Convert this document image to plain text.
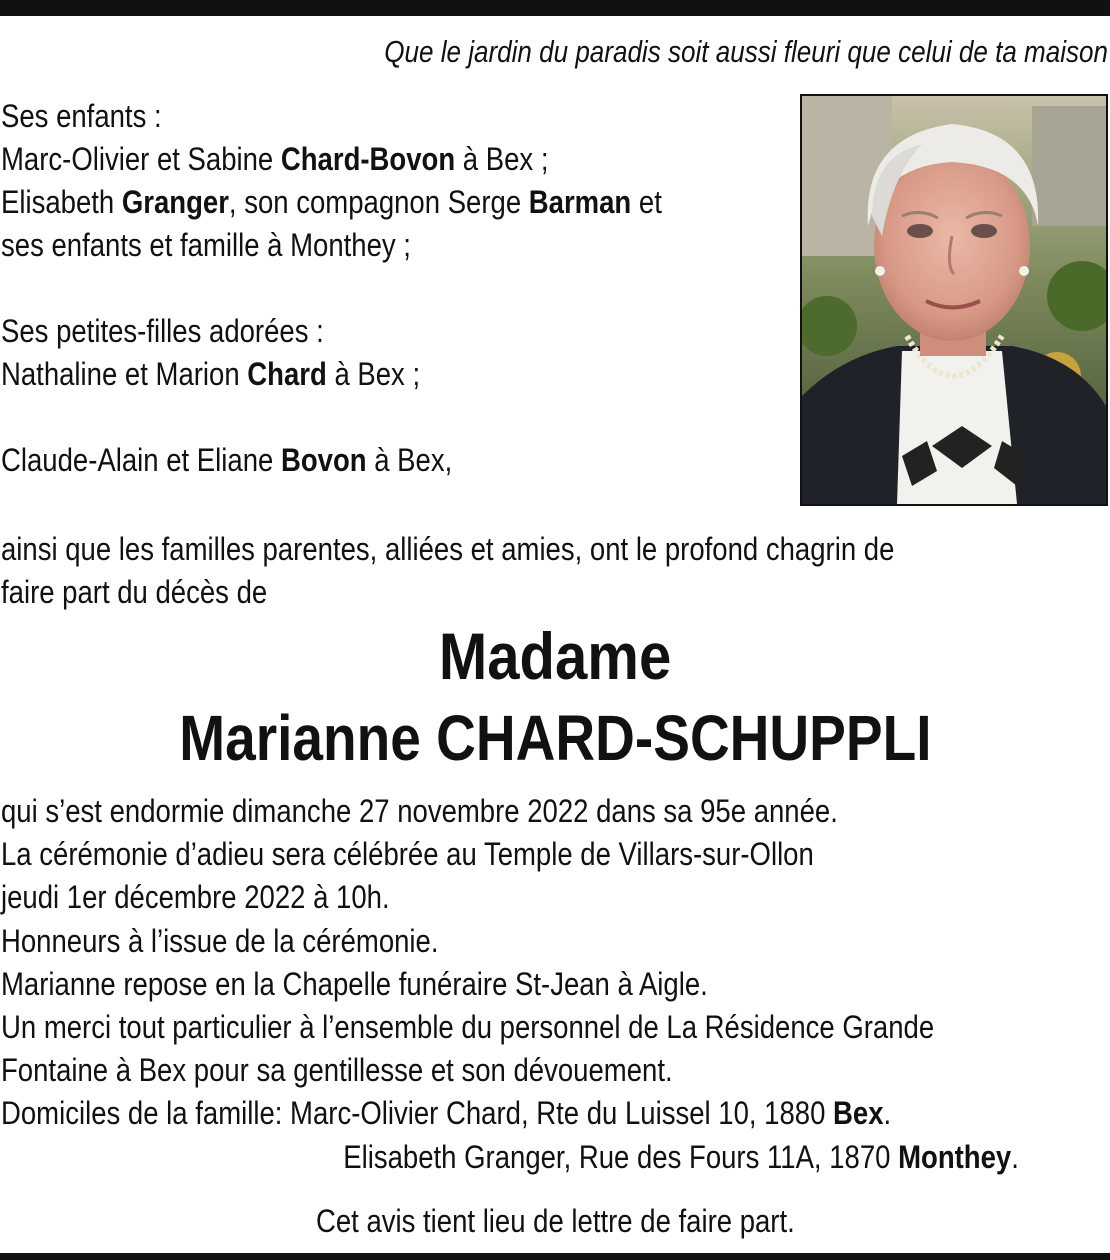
Que le jardin du paradis soit aussi fleuri que celui de ta maison
Ses enfants :
Marc-Olivier et Sabine Chard-Bovon à Bex ;
Elisabeth Granger, son compagnon Serge Barman et
ses enfants et famille à Monthey ;
Ses petites-filles adorées :
Nathaline et Marion Chard à Bex ;
Claude-Alain et Eliane Bovon à Bex,
ainsi que les familles parentes, alliées et amies, ont le profond chagrin de
faire part du décès de
Madame
Marianne CHARD-SCHUPPLI
qui s’est endormie dimanche 27 novembre 2022 dans sa 95e année.
La cérémonie d’adieu sera célébrée au Temple de Villars-sur-Ollon
jeudi 1er décembre 2022 à 10h.
Honneurs à l’issue de la cérémonie.
Marianne repose en la Chapelle funéraire St-Jean à Aigle.
Un merci tout particulier à l’ensemble du personnel de La Résidence Grande
Fontaine à Bex pour sa gentillesse et son dévouement.
Domiciles de la famille: Marc-Olivier Chard, Rte du Luissel 10, 1880 Bex.
Elisabeth Granger, Rue des Fours 11A, 1870 Monthey.
Cet avis tient lieu de lettre de faire part.
